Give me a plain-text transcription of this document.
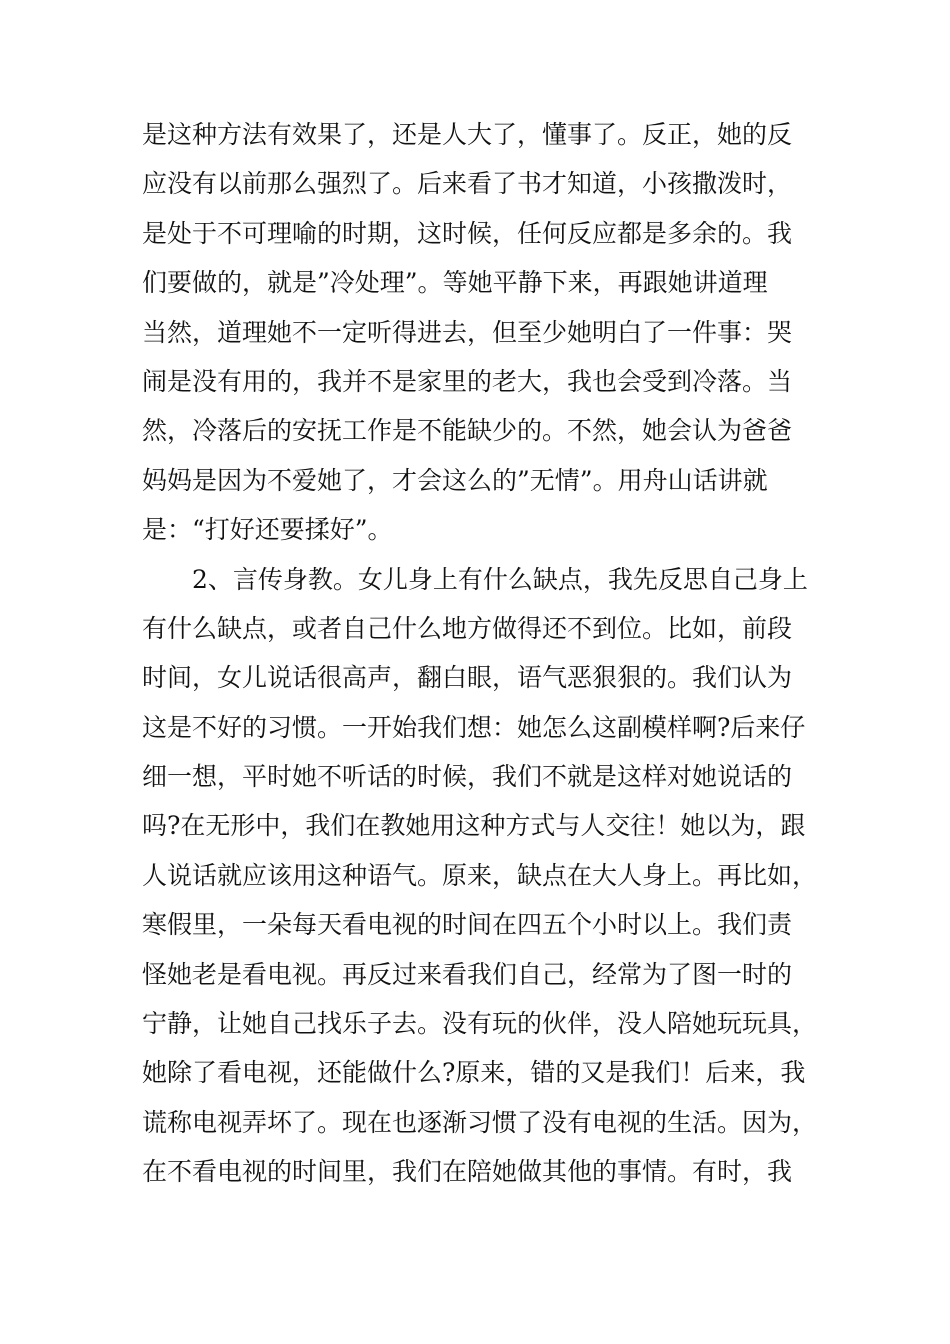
是这种方法有效果了，还是人大了，懂事了。反正，她的反
应没有以前那么强烈了。后来看了书才知道，小孩撒泼时，
是处于不可理喻的时期，这时候，任何反应都是多余的。我
们要做的，就是”冷处理”。等她平静下来，再跟她讲道理
当然，道理她不一定听得进去，但至少她明白了一件事：哭
闹是没有用的，我并不是家里的老大，我也会受到冷落。当
然，冷落后的安抚工作是不能缺少的。不然，她会认为爸爸
妈妈是因为不爱她了，才会这么的”无情”。用舟山话讲就
是：“打好还要揉好”。
　　2、言传身教。女儿身上有什么缺点，我先反思自己身上
有什么缺点，或者自己什么地方做得还不到位。比如，前段
时间，女儿说话很高声，翻白眼，语气恶狠狠的。我们认为
这是不好的习惯。一开始我们想：她怎么这副模样啊?后来仔
细一想，平时她不听话的时候，我们不就是这样对她说话的
吗?在无形中，我们在教她用这种方式与人交往！她以为，跟
人说话就应该用这种语气。原来，缺点在大人身上。再比如，
寒假里，一朵每天看电视的时间在四五个小时以上。我们责
怪她老是看电视。再反过来看我们自己，经常为了图一时的
宁静，让她自己找乐子去。没有玩的伙伴，没人陪她玩玩具，
她除了看电视，还能做什么?原来，错的又是我们！后来，我
谎称电视弄坏了。现在也逐渐习惯了没有电视的生活。因为，
在不看电视的时间里，我们在陪她做其他的事情。有时，我
